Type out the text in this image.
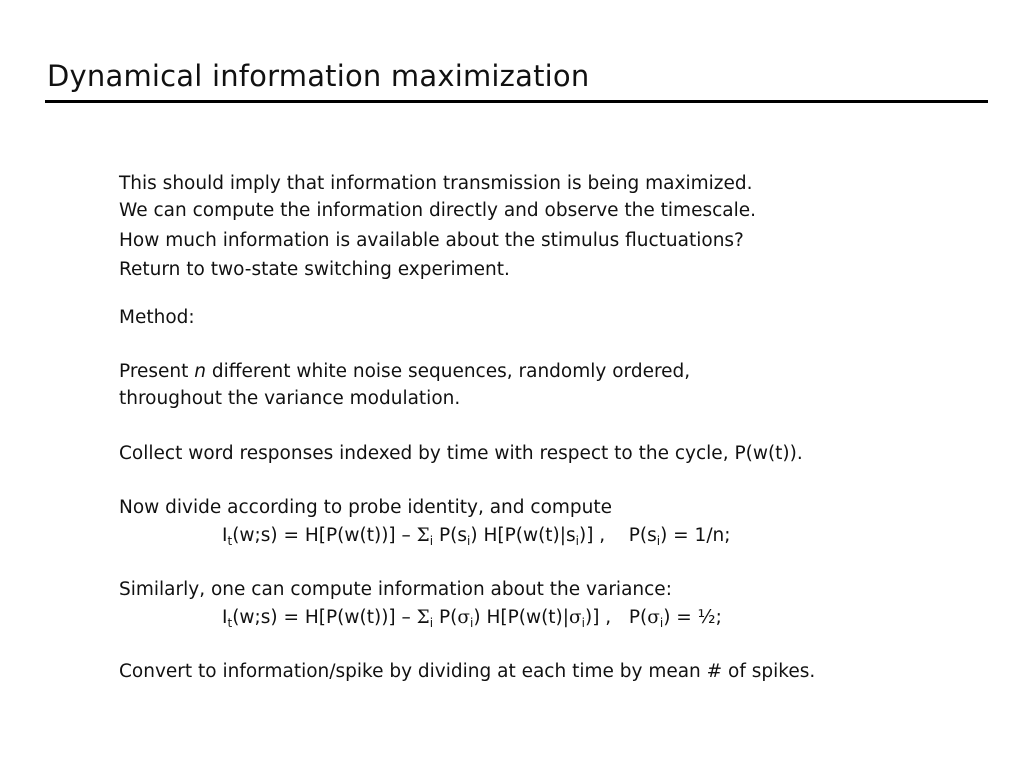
Dynamical information maximization
This should imply that information transmission is being maximized.
We can compute the information directly and observe the timescale.
How much information is available about the stimulus fluctuations?
Return to two-state switching experiment.
Method:
Present n different white noise sequences, randomly ordered,
throughout the variance modulation.
Collect word responses indexed by time with respect to the cycle, P(w(t)).
Now divide according to probe identity, and compute
$I_t(w;s) = H[P(w(t))] - \Sigma_i$ $P(s_i)$ $H[P(w(t)|s_i)]$ ,    $P(s_i) = 1/n$;
Similarly, one can compute information about the variance:
$I_t(w;s) = H[P(w(t))] - \Sigma_i$ $P(\sigma_i)$ $H[P(w(t)|\sigma_i)]$ ,   $P(\sigma_i)$ = ½;
Convert to information/spike by dividing at each time by mean # of spikes.
